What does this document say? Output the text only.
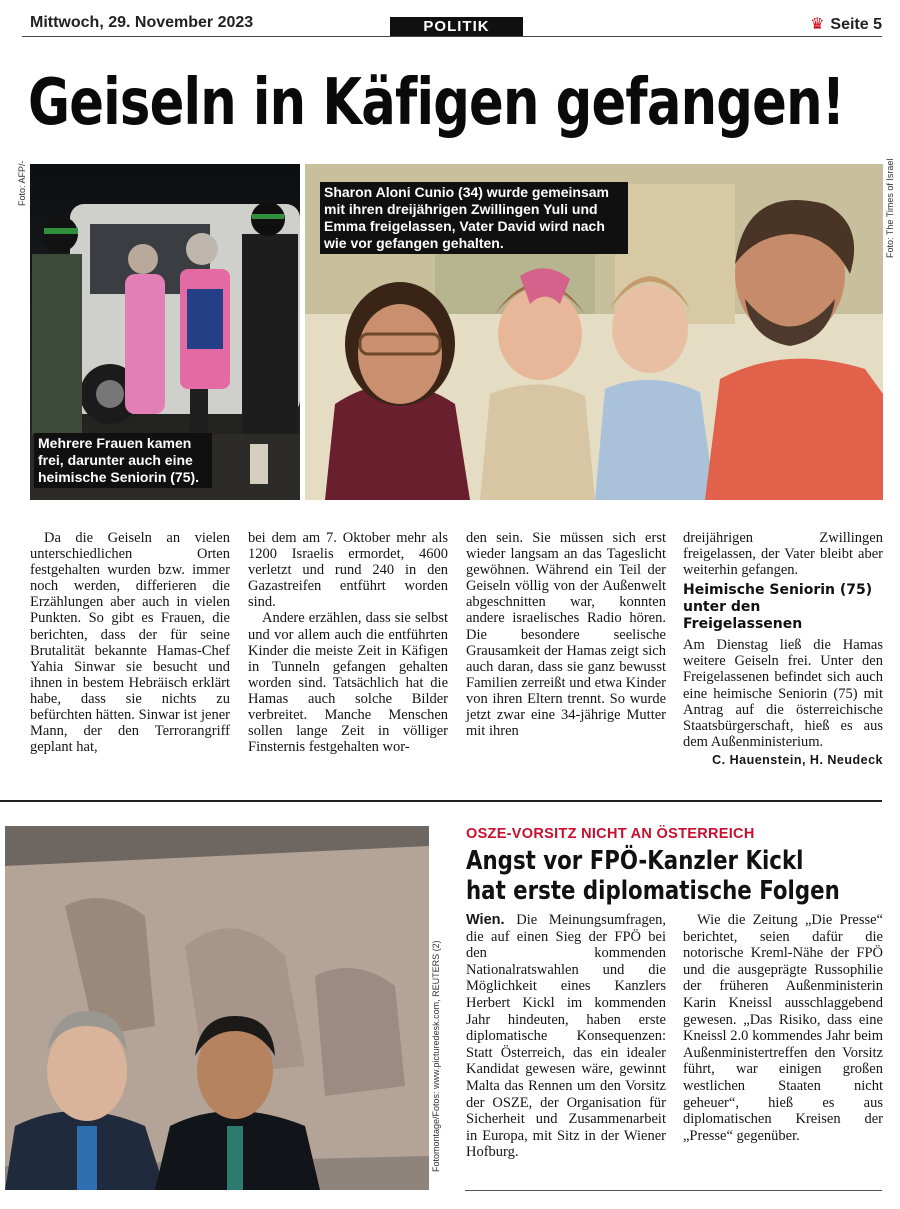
Mittwoch, 29. November 2023	POLITIK	♛ Seite 5
Geiseln in Käfigen gefangen!
Foto: AFP/-
Mehrere Frauen kamen frei, darunter auch eine heimische Seniorin (75).
Sharon Aloni Cunio (34) wurde gemeinsam mit ihren dreijährigen Zwillingen Yuli und Emma freigelassen, Vater David wird nach wie vor gefangen gehalten.	Foto: The Times of Israel

Da die Geiseln an vielen unterschiedlichen Orten festgehalten wurden bzw. immer noch werden, differieren die Erzählungen aber auch in vielen Punkten. So gibt es Frauen, die berichten, dass der für seine Brutalität bekannte Hamas-Chef Yahia Sinwar sie besucht und ihnen in bestem Hebräisch erklärt habe, dass sie nichts zu befürchten hätten. Sinwar ist jener Mann, der den Terrorangriff geplant hat,

bei dem am 7. Oktober mehr als 1200 Israelis ermordet, 4600 verletzt und rund 240 in den Gazastreifen entführt worden sind.

Andere erzählen, dass sie selbst und vor allem auch die entführten Kinder die meiste Zeit in Käfigen in Tunneln gefangen gehalten worden sind. Tatsächlich hat die Hamas auch solche Bilder verbreitet. Manche Menschen sollen lange Zeit in völliger Finsternis festgehalten wor-

den sein. Sie müssen sich erst wieder langsam an das Tageslicht gewöhnen. Während ein Teil der Geiseln völlig von der Außenwelt abgeschnitten war, konnten andere israelisches Radio hören. Die besondere seelische Grausamkeit der Hamas zeigt sich auch daran, dass sie ganz bewusst Familien zerreißt und etwa Kinder von ihren Eltern trennt. So wurde jetzt zwar eine 34-jährige Mutter mit ihren

dreijährigen Zwillingen freigelassen, der Vater bleibt aber weiterhin gefangen.

Heimische Seniorin (75) unter den Freigelassenen

Am Dienstag ließ die Hamas weitere Geiseln frei. Unter den Freigelassenen befindet sich auch eine heimische Seniorin (75) mit Antrag auf die österreichische Staatsbürgerschaft, hieß es aus dem Außenministerium.

C. Hauenstein, H. Neudeck
Fotomontage/Fotos: www.picturedesk.com, REUTERS (2)
OSZE-VORSITZ NICHT AN ÖSTERREICH
Angst vor FPÖ-Kanzler Kickl
hat erste diplomatische Folgen

Wien. Die Meinungsumfragen, die auf einen Sieg der FPÖ bei den kommenden Nationalratswahlen und die Möglichkeit eines Kanzlers Herbert Kickl im kommenden Jahr hindeuten, haben erste diplomatische Konsequenzen: Statt Österreich, das ein idealer Kandidat gewesen wäre, gewinnt Malta das Rennen um den Vorsitz der OSZE, der Organisation für Sicherheit und Zusammenarbeit in Europa, mit Sitz in der Wiener Hofburg.

Wie die Zeitung „Die Presse“ berichtet, seien dafür die notorische Kreml-Nähe der FPÖ und die ausgeprägte Russophilie der früheren Außenministerin Karin Kneissl ausschlaggebend gewesen. „Das Risiko, dass eine Kneissl 2.0 kommendes Jahr beim Außenministertreffen den Vorsitz führt, war einigen großen westlichen Staaten nicht geheuer“, hieß es aus diplomatischen Kreisen der „Presse“ gegenüber.
